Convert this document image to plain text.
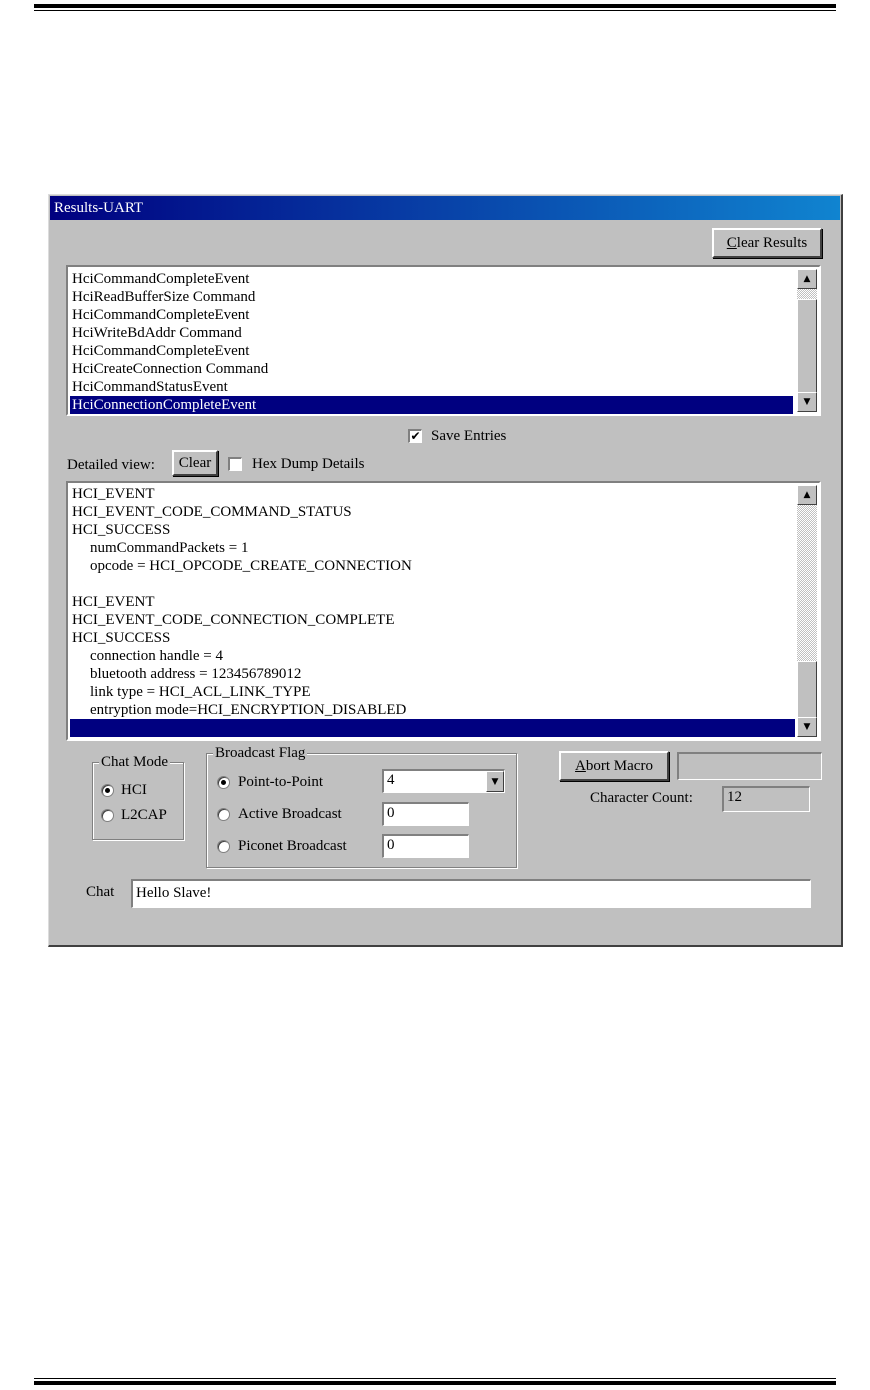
Results-UART
C lear Results
HciCommandCompleteEvent
HciReadBufferSize Command
HciCommandCompleteEvent
HciWriteBdAddr Command
HciCommandCompleteEvent
HciCreateConnection Command
HciCommandStatusEvent
HciConnectionCompleteEvent
▲
▼
✔ Save Entries
Detailed view: Clear	Hex Dump Details
HCI_EVENT
HCI_EVENT_CODE_COMMAND_STATUS
HCI_SUCCESS
numCommandPackets = 1
opcode = HCI_OPCODE_CREATE_CONNECTION
HCI_EVENT
HCI_EVENT_CODE_CONNECTION_COMPLETE
HCI_SUCCESS
connection handle = 4
bluetooth address = 123456789012
link type = HCI_ACL_LINK_TYPE
entryption mode=HCI_ENCRYPTION_DISABLED
▲
▼
Chat Mode
HCI
L2CAP
Broadcast Flag
Point-to-Point	4	▼
Active Broadcast	0
Piconet Broadcast	0
A bort Macro
Character Count:	12
Chat	Hello Slave!
